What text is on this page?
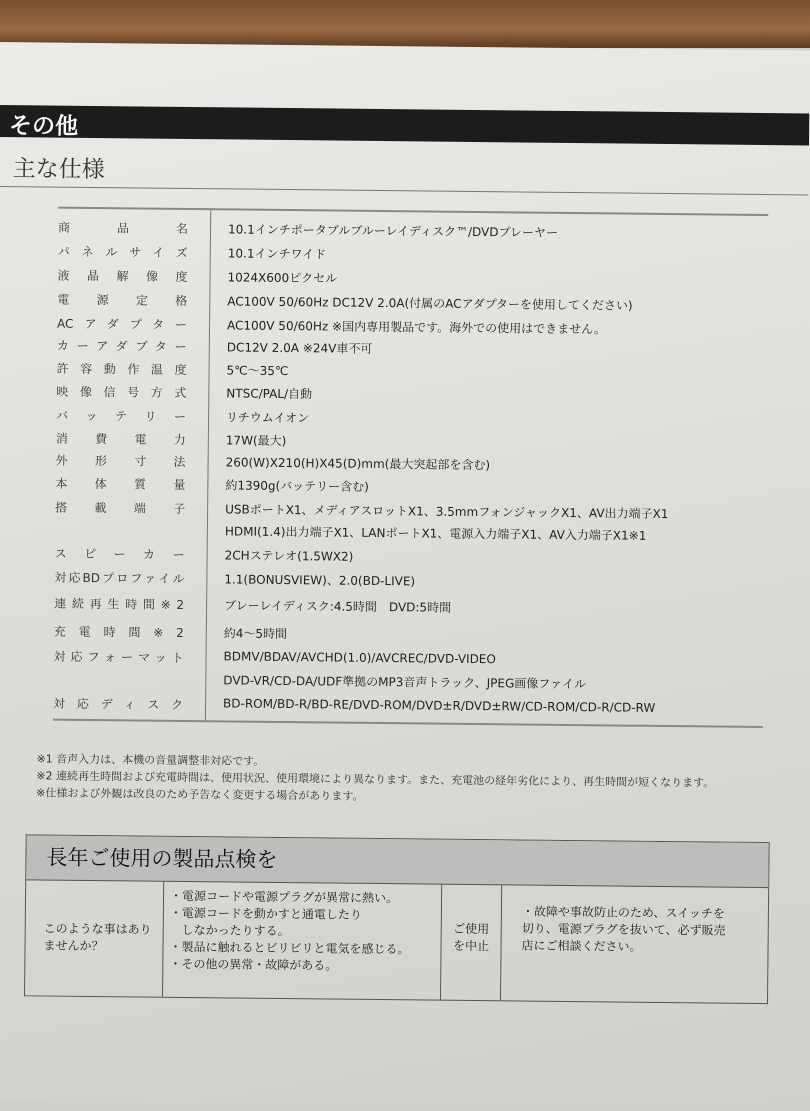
その他
主な仕様
商品名	10.1インチポータブルブルーレイディスク™/DVDプレーヤー
パネルサイズ	10.1インチワイド
液晶解像度	1024X600ピクセル
電源定格	AC100V 50/60Hz DC12V 2.0A(付属のACアダプターを使用してください)
ACアダプター	AC100V 50/60Hz ※国内専用製品です。海外での使用はできません。
カーアダプター	DC12V 2.0A ※24V車不可
許容動作温度	5℃～35℃
映像信号方式	NTSC/PAL/自動
バッテリー	リチウムイオン
消費電力	17W(最大)
外形寸法	260(W)X210(H)X45(D)mm(最大突起部を含む)
本体質量	約1390g(バッテリー含む)
搭載端子	USBポートX1、メディアスロットX1、3.5mmフォンジャックX1、AV出力端子X1
HDMI(1.4)出力端子X1、LANポートX1、電源入力端子X1、AV入力端子X1※1
スピーカー	2CHステレオ(1.5WX2)
対応BDプロファイル	1.1(BONUSVIEW)、2.0(BD-LIVE)
連続再生時間※2	ブレーレイディスク:4.5時間　DVD:5時間
充電時間※2	約4～5時間
対応フォーマット	BDMV/BDAV/AVCHD(1.0)/AVCREC/DVD-VIDEO
DVD-VR/CD-DA/UDF準拠のMP3音声トラック、JPEG画像ファイル
対応ディスク	BD-ROM/BD-R/BD-RE/DVD-ROM/DVD±R/DVD±RW/CD-ROM/CD-R/CD-RW
※1 音声入力は、本機の音量調整非対応です。
※2 連続再生時間および充電時間は、使用状況、使用環境により異なります。また、充電池の経年劣化により、再生時間が短くなります。
※仕様および外観は改良のため予告なく変更する場合があります。
長年ご使用の製品点検を
このような事はありませんか？
・電源コードや電源プラグが異常に熱い。
・電源コードを動かすと通電したり
　しなかったりする。
・製品に触れるとビリビリと電気を感じる。
・その他の異常・故障がある。
ご使用を中止
・故障や事故防止のため、スイッチを切り、電源プラグを抜いて、必ず販売店にご相談ください。
